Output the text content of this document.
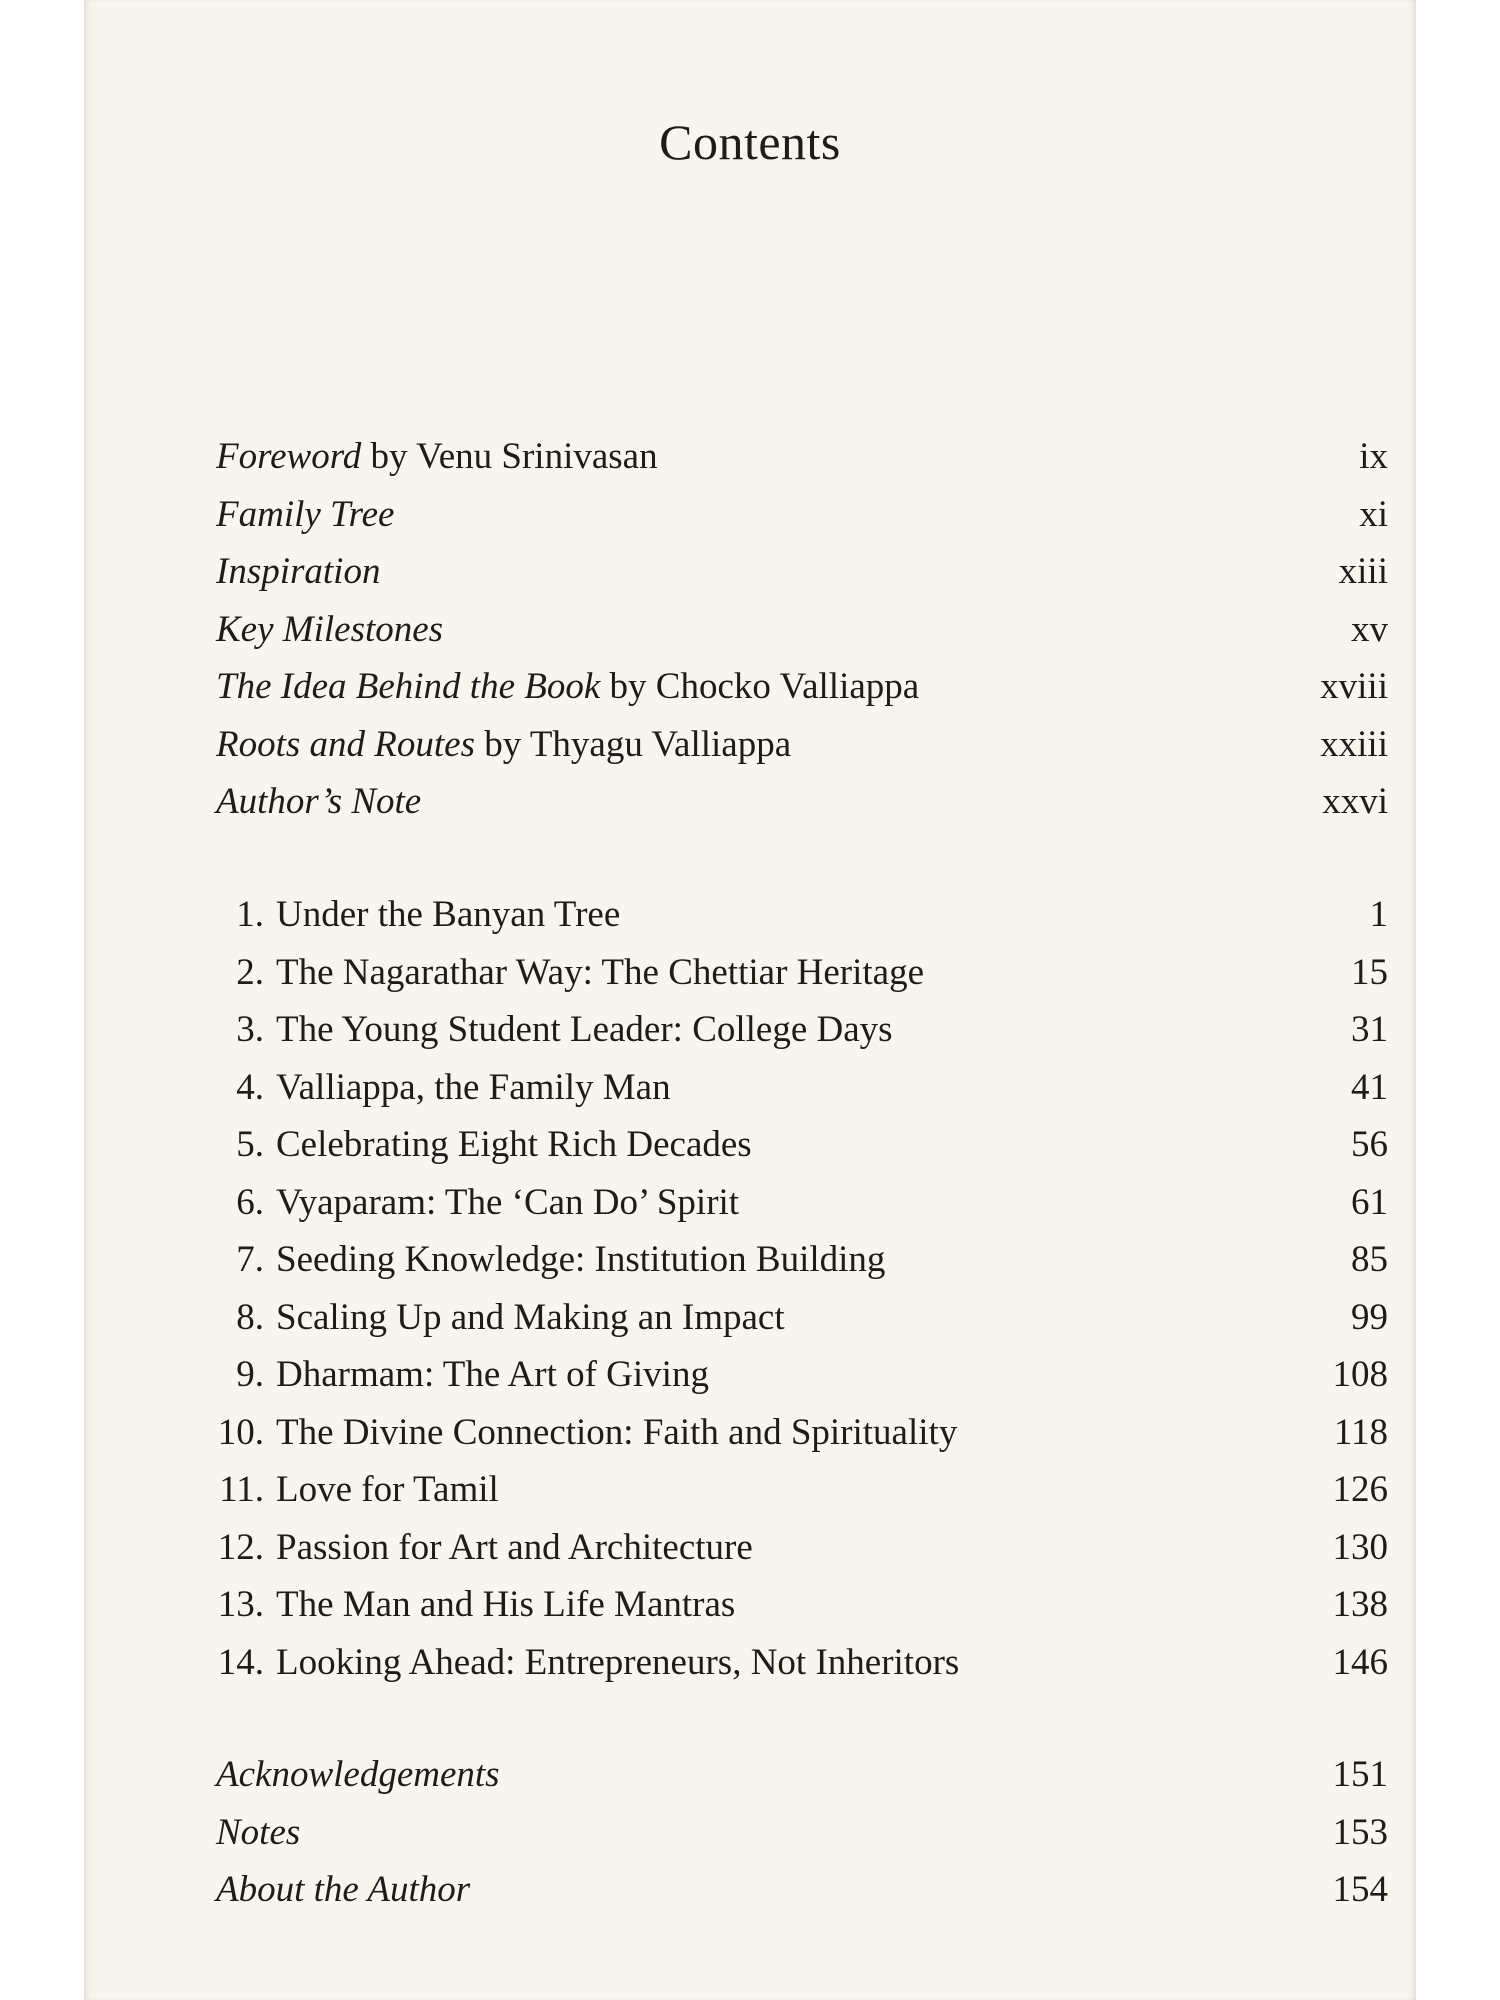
Contents
Foreword by Venu Srinivasan	ix
Family Tree	xi
Inspiration	xiii
Key Milestones	xv
The Idea Behind the Book by Chocko Valliappa	xviii
Roots and Routes by Thyagu Valliappa	xxiii
Author’s Note	xxvi
1. Under the Banyan Tree	1
2. The Nagarathar Way: The Chettiar Heritage	15
3. The Young Student Leader: College Days	31
4. Valliappa, the Family Man	41
5. Celebrating Eight Rich Decades	56
6. Vyaparam: The ‘Can Do’ Spirit	61
7. Seeding Knowledge: Institution Building	85
8. Scaling Up and Making an Impact	99
9. Dharmam: The Art of Giving	108
10. The Divine Connection: Faith and Spirituality	118
11. Love for Tamil	126
12. Passion for Art and Architecture	130
13. The Man and His Life Mantras	138
14. Looking Ahead: Entrepreneurs, Not Inheritors	146
Acknowledgements	151
Notes	153
About the Author	154
